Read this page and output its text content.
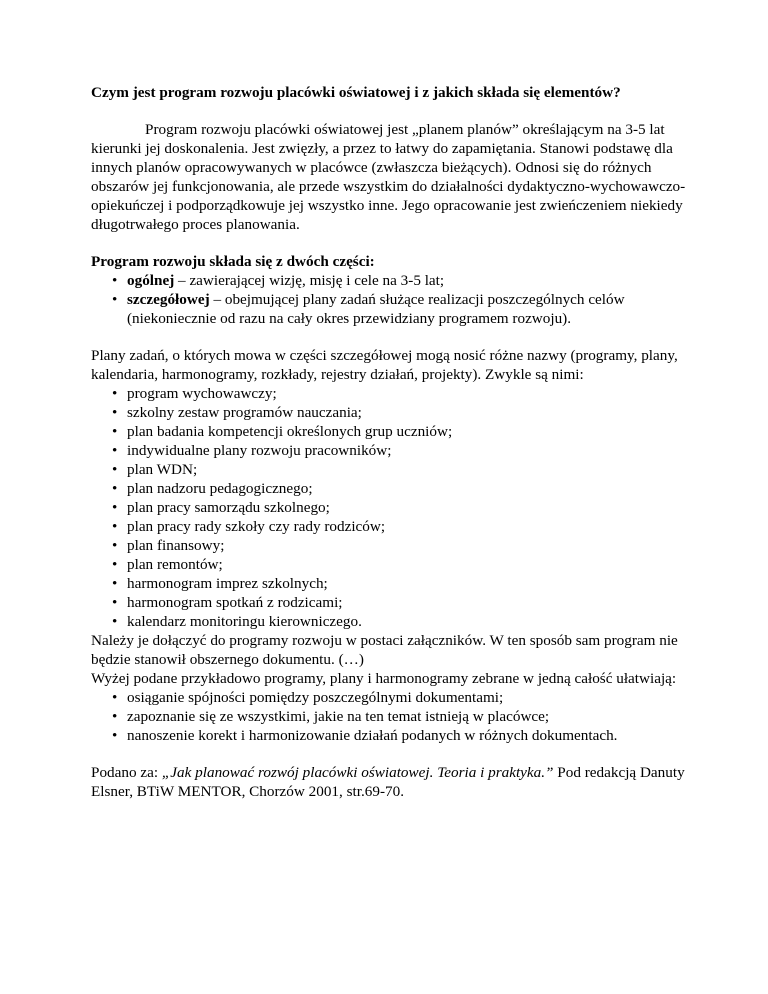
Czym jest program rozwoju placówki oświatowej i z jakich składa się elementów?

Program rozwoju placówki oświatowej jest „planem planów” określającym na 3-5 lat kierunki jej doskonalenia. Jest zwięzły, a przez to łatwy do zapamiętania. Stanowi podstawę dla innych planów opracowywanych w placówce (zwłaszcza bieżących). Odnosi się do różnych obszarów jej funkcjonowania, ale przede wszystkim do działalności dydaktyczno-wychowawczo-opiekuńczej i podporządkowuje jej wszystko inne. Jego opracowanie jest zwieńczeniem niekiedy długotrwałego proces planowania.

Program rozwoju składa się z dwóch części:

• ogólnej – zawierającej wizję, misję i cele na 3-5 lat;
• szczegółowej – obejmującej plany zadań służące realizacji poszczególnych celów (niekoniecznie od razu na cały okres przewidziany programem rozwoju).

Plany zadań, o których mowa w części szczegółowej mogą nosić różne nazwy (programy, plany, kalendaria, harmonogramy, rozkłady, rejestry działań, projekty). Zwykle są nimi:

• program wychowawczy;
• szkolny zestaw programów nauczania;
• plan badania kompetencji określonych grup uczniów;
• indywidualne plany rozwoju pracowników;
• plan WDN;
• plan nadzoru pedagogicznego;
• plan pracy samorządu szkolnego;
• plan pracy rady szkoły czy rady rodziców;
• plan finansowy;
• plan remontów;
• harmonogram imprez szkolnych;
• harmonogram spotkań z rodzicami;
• kalendarz monitoringu kierowniczego.

Należy je dołączyć do programy rozwoju w postaci załączników. W ten sposób sam program nie będzie stanowił obszernego dokumentu. (…)

Wyżej podane przykładowo programy, plany i harmonogramy zebrane w jedną całość ułatwiają:

• osiąganie spójności pomiędzy poszczególnymi dokumentami;
• zapoznanie się ze wszystkimi, jakie na ten temat istnieją w placówce;
• nanoszenie korekt i harmonizowanie działań podanych w różnych dokumentach.

Podano za: „Jak planować rozwój placówki oświatowej. Teoria i praktyka.” Pod redakcją Danuty Elsner, BTiW MENTOR, Chorzów 2001, str.69-70.
